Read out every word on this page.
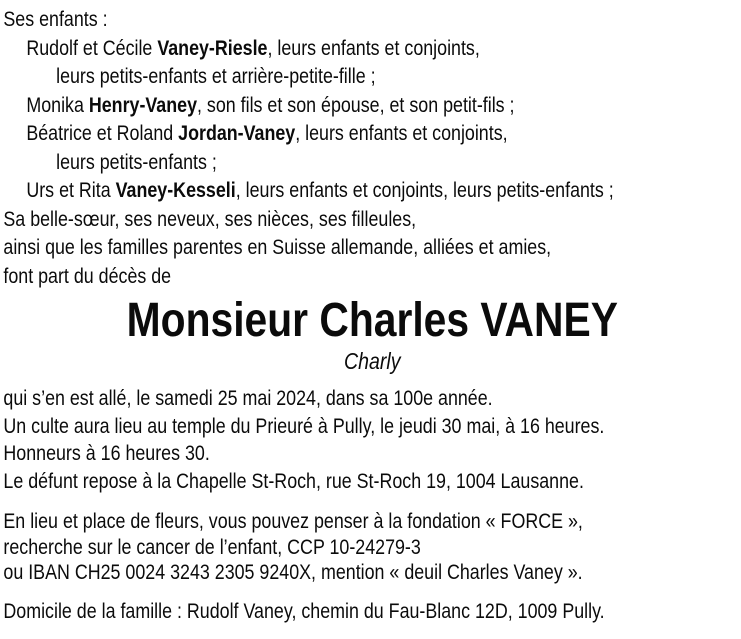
Ses enfants :
Rudolf et Cécile Vaney-Riesle, leurs enfants et conjoints,
leurs petits-enfants et arrière-petite-fille ;
Monika Henry-Vaney, son fils et son épouse, et son petit-fils ;
Béatrice et Roland Jordan-Vaney, leurs enfants et conjoints,
leurs petits-enfants ;
Urs et Rita Vaney-Kesseli, leurs enfants et conjoints, leurs petits-enfants ;
Sa belle-sœur, ses neveux, ses nièces, ses filleules,
ainsi que les familles parentes en Suisse allemande, alliées et amies,
font part du décès de
Monsieur Charles VANEY
Charly
qui s’en est allé, le samedi 25 mai 2024, dans sa 100e année.
Un culte aura lieu au temple du Prieuré à Pully, le jeudi 30 mai, à 16 heures.
Honneurs à 16 heures 30.
Le défunt repose à la Chapelle St-Roch, rue St-Roch 19, 1004 Lausanne.
En lieu et place de fleurs, vous pouvez penser à la fondation « FORCE »,
recherche sur le cancer de l’enfant, CCP 10-24279-3
ou IBAN CH25 0024 3243 2305 9240X, mention « deuil Charles Vaney ».
Domicile de la famille : Rudolf Vaney, chemin du Fau-Blanc 12D, 1009 Pully.
